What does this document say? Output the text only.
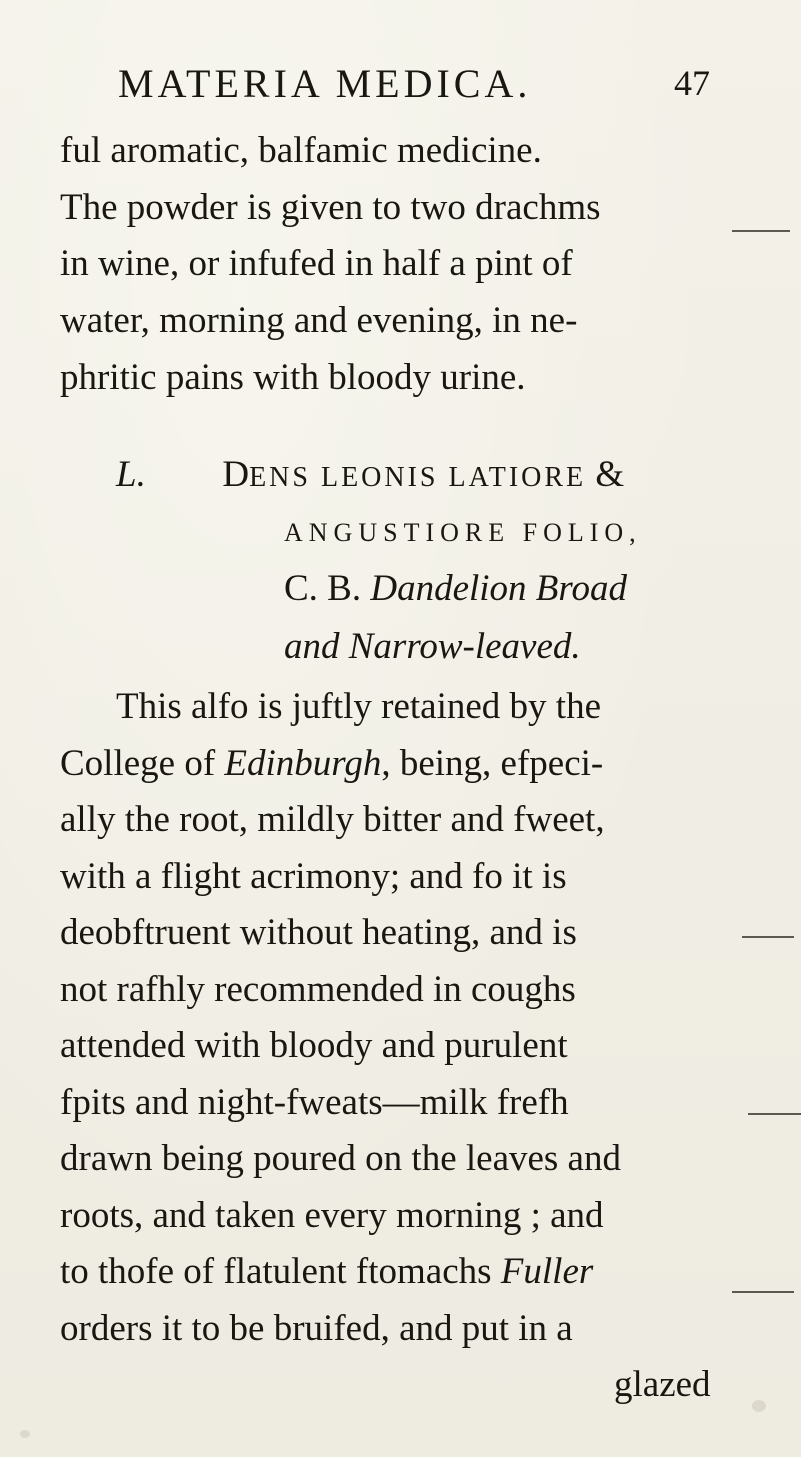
MATERIA MEDICA.	47
ful aromatic, balfamic medicine.
The powder is given to two drachms
in wine, or infufed in half a pint of
water, morning and evening, in ne-
phritic pains with bloody urine.
L. DENS LEONIS LATIORE &
ANGUSTIORE FOLIO,
C. B. Dandelion Broad
and Narrow-leaved.
This alfo is juftly retained by the
College of Edinburgh, being, efpeci-
ally the root, mildly bitter and fweet,
with a flight acrimony; and fo it is
deobftruent without heating, and is
not rafhly recommended in coughs
attended with bloody and purulent
fpits and night-fweats—milk frefh
drawn being poured on the leaves and
roots, and taken every morning ; and
to thofe of flatulent ftomachs Fuller
orders it to be bruifed, and put in a
glazed
